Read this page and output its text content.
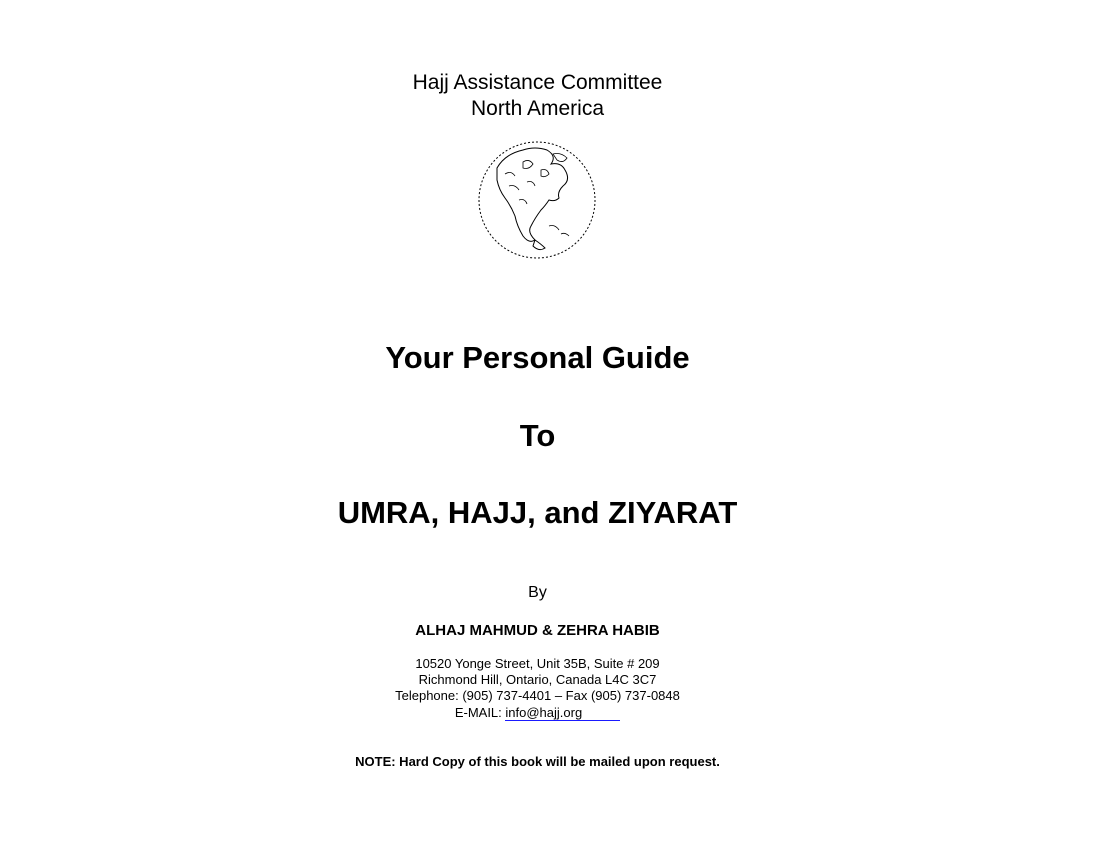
Hajj Assistance Committee
North America
Your Personal Guide
To
UMRA, HAJJ, and ZIYARAT
By
ALHAJ MAHMUD & ZEHRA HABIB
10520 Yonge Street, Unit 35B, Suite # 209
Richmond Hill, Ontario, Canada L4C 3C7
Telephone: (905) 737-4401 – Fax (905) 737-0848
E-MAIL: info@hajj.org
NOTE: Hard Copy of this book will be mailed upon request.
